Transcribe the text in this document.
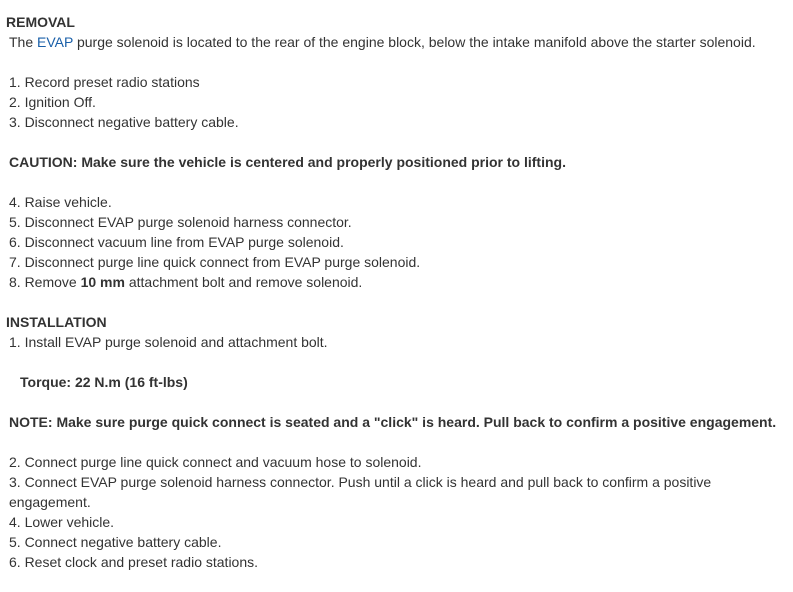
REMOVAL
The EVAP purge solenoid is located to the rear of the engine block, below the intake manifold above the starter solenoid.
1. Record preset radio stations
2. Ignition Off.
3. Disconnect negative battery cable.
CAUTION: Make sure the vehicle is centered and properly positioned prior to lifting.
4. Raise vehicle.
5. Disconnect EVAP purge solenoid harness connector.
6. Disconnect vacuum line from EVAP purge solenoid.
7. Disconnect purge line quick connect from EVAP purge solenoid.
8. Remove 10 mm attachment bolt and remove solenoid.
INSTALLATION
1. Install EVAP purge solenoid and attachment bolt.
Torque: 22 N.m (16 ft-lbs)
NOTE: Make sure purge quick connect is seated and a "click" is heard. Pull back to confirm a positive engagement.
2. Connect purge line quick connect and vacuum hose to solenoid.
3. Connect EVAP purge solenoid harness connector. Push until a click is heard and pull back to confirm a positive engagement.
4. Lower vehicle.
5. Connect negative battery cable.
6. Reset clock and preset radio stations.
